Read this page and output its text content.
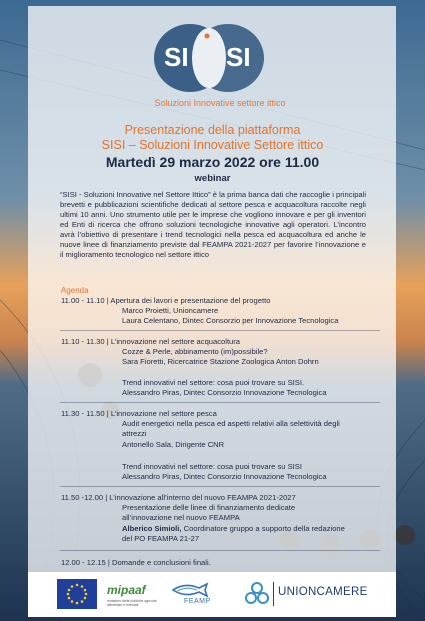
SI SI
Soluzioni Innovative settore ittico
Presentazione della piattaforma
SISI – Soluzioni Innovative Settore ittico
Martedì 29 marzo 2022 ore 11.00
webinar
“SISI - Soluzioni Innovative nel Settore Ittico” è la prima banca dati che raccoglie i principali brevetti e pubblicazioni scientifiche dedicati al settore pesca e acquacoltura raccolte negli ultimi 10 anni. Uno strumento utile per le imprese che vogliono innovare e per gli inventori ed Enti di ricerca che offrono soluzioni tecnologiche innovative agli operatori. L’incontro avrà l’obiettivo di presentare i trend tecnologici nella pesca ed acquacoltura ed anche le nuove linee di finanziamento previste dal FEAMPA 2021-2027 per favorire l’innovazione e il miglioramento tecnologico nel settore ittico
Agenda
11.00 - 11.10 | Apertura dei lavori e presentazione del progetto
Marco Proietti, Unioncamere
Laura Celentano, Dintec Consorzio per Innovazione Tecnologica
11.10 - 11.30 | L’innovazione nel settore acquacoltura
Cozze & Perle, abbinamento (im)possibile?
Sara Fioretti, Ricercatrice Stazione Zoologica Anton Dohrn
Trend innovativi nel settore: cosa puoi trovare su SISI.
Alessandro Piras, Dintec Consorzio Innovazione Tecnologica
11.30 - 11.50 | L’innovazione nel settore pesca
Audit energetici nella pesca ed aspetti relativi alla selettività degli
attrezzi
Antonello Sala, Dirigente CNR
Trend innovativi nel settore: cosa puoi trovare su SISI
Alessandro Piras, Dintec Consorzio Innovazione Tecnologica
11.50 -12.00 | L’innovazione all’interno del nuovo FEAMPA 2021-2027
Presentazione delle linee di finanziamento dedicate
all’innovazione nel nuovo FEAMPA
Alberico Simioli, Coordinatore gruppo a supporto della redazione
del PO FEAMPA 21-27
12.00 - 12.15 | Domande e conclusioni finali.
mipaaf
ministero delle politiche agricole alimentari e forestali	FEAMP
UNIONCAMERE
